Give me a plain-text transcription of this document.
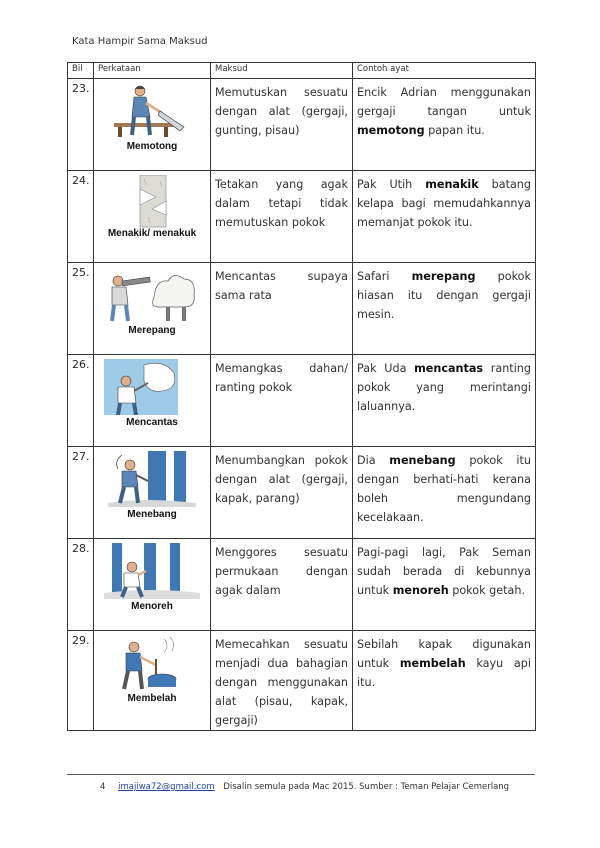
Kata Hampir Sama Maksud
Bil	Perkataan	Maksud	Contoh ayat
23.	Memotong	Memutuskan sesuatu dengan alat (gergaji, gunting, pisau)	Encik Adrian menggunakan gergaji tangan untuk memotong papan itu.
24.	Menakik/ menakuk	Tetakan yang agak dalam tetapi tidak memutuskan pokok	Pak Utih menakik batang kelapa bagi memudahkannya memanjat pokok itu.
25.	Merepang	Mencantas supaya sama rata	Safari merepang pokok hiasan itu dengan gergaji mesin.
26.	Mencantas	Memangkas dahan/ ranting pokok	Pak Uda mencantas ranting pokok yang merintangi laluannya.
27.	Menebang	Menumbangkan pokok dengan alat (gergaji, kapak, parang)	Dia menebang pokok itu dengan berhati-hati kerana boleh mengundang kecelakaan.
28.	Menoreh	Menggores sesuatu permukaan dengan agak dalam	Pagi-pagi lagi, Pak Seman sudah berada di kebunnya untuk menoreh pokok getah.
29.	Membelah	Memecahkan sesuatu menjadi dua bahagian dengan menggunakan alat (pisau, kapak, gergaji)	Sebilah kapak digunakan untuk membelah kayu api itu.
4 imajiwa72@gmail.com Disalin semula pada Mac 2015. Sumber : Teman Pelajar Cemerlang
